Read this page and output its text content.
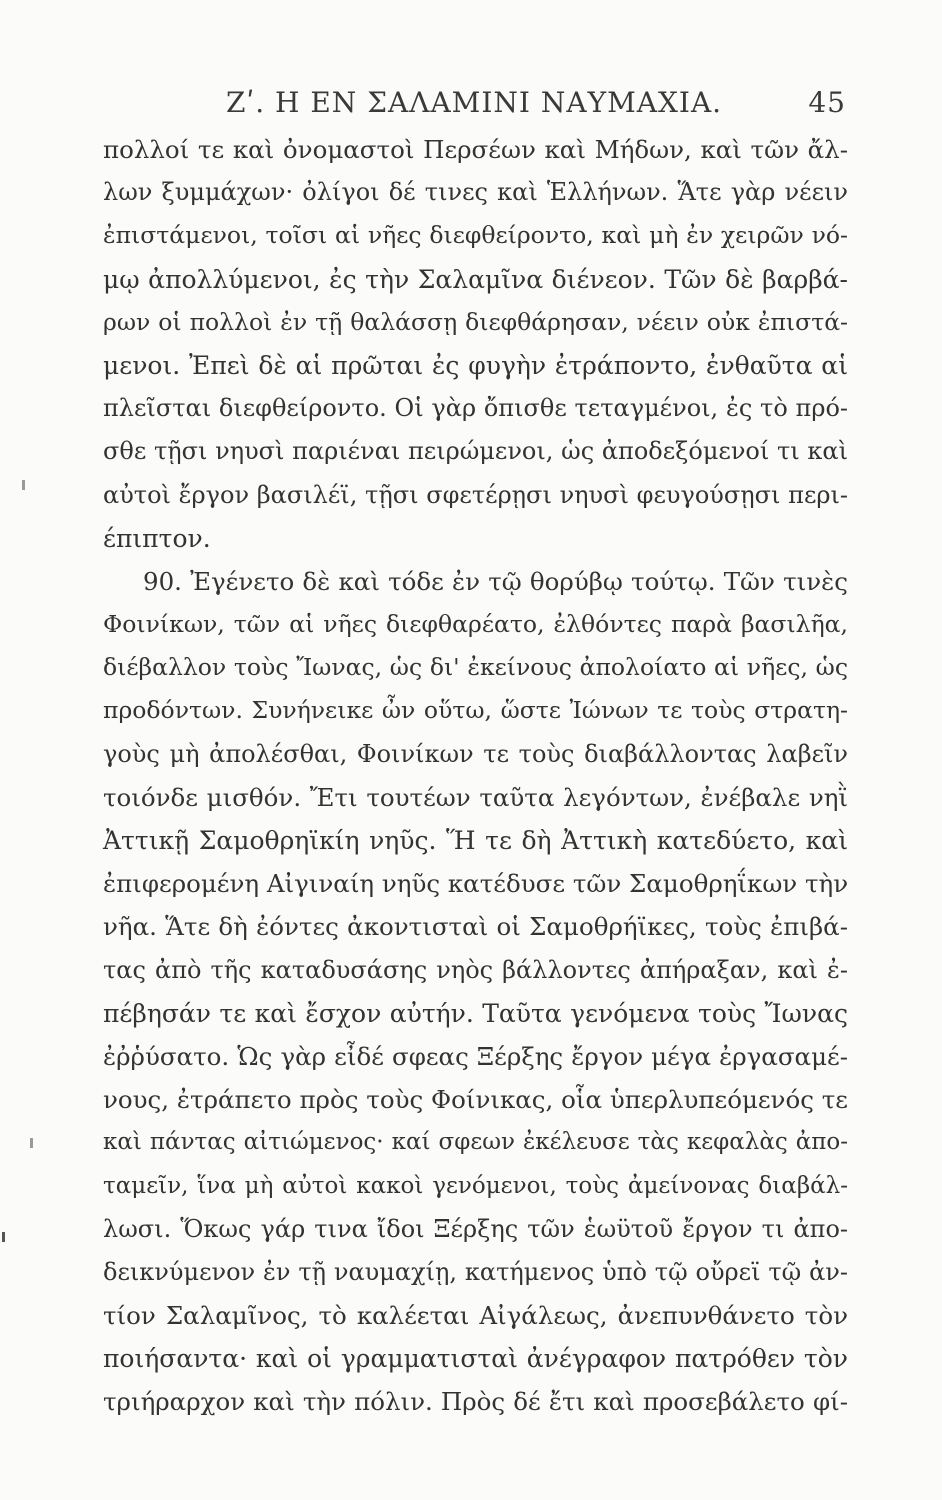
Ζʹ. Η ΕΝ ΣΑΛΑΜΙΝΙ ΝΑΥΜΑΧΙΑ.	45
πολλοί τε καὶ ὀνομαστοὶ Περσέων καὶ Μήδων, καὶ τῶν ἄλ-
λων ξυμμάχων· ὀλίγοι δέ τινες καὶ Ἑλλήνων. Ἅτε γὰρ νέειν
ἐπιστάμενοι, τοῖσι αἱ νῆες διεφθείροντο, καὶ μὴ ἐν χειρῶν νό-
μῳ ἀπολλύμενοι, ἐς τὴν Σαλαμῖνα διένεον. Τῶν δὲ βαρβά-
ρων οἱ πολλοὶ ἐν τῇ θαλάσσῃ διεφθάρησαν, νέειν οὐκ ἐπιστά-
μενοι. Ἐπεὶ δὲ αἱ πρῶται ἐς φυγὴν ἐτράποντο, ἐνθαῦτα αἱ
πλεῖσται διεφθείροντο. Οἱ γὰρ ὄπισθε τεταγμένοι, ἐς τὸ πρό-
σθε τῇσι νηυσὶ παριέναι πειρώμενοι, ὡς ἀποδεξόμενοί τι καὶ
αὐτοὶ ἔργον βασιλέϊ, τῇσι σφετέρῃσι νηυσὶ φευγούσῃσι περι-
έπιπτον.
90. Ἐγένετο δὲ καὶ τόδε ἐν τῷ θορύβῳ τούτῳ. Τῶν τινὲς
Φοινίκων, τῶν αἱ νῆες διεφθαρέατο, ἐλθόντες παρὰ βασιλῆα,
διέβαλλον τοὺς Ἴωνας, ὡς δι' ἐκείνους ἀπολοίατο αἱ νῆες, ὡς
προδόντων. Συνήνεικε ὦν οὕτω, ὥστε Ἰώνων τε τοὺς στρατη-
γοὺς μὴ ἀπολέσθαι, Φοινίκων τε τοὺς διαβάλλοντας λαβεῖν
τοιόνδε μισθόν. Ἔτι τουτέων ταῦτα λεγόντων, ἐνέβαλε νηῒ
Ἀττικῇ Σαμοθρηϊκίη νηῦς. Ἥ τε δὴ Ἀττικὴ κατεδύετο, καὶ
ἐπιφερομένη Αἰγιναίη νηῦς κατέδυσε τῶν Σαμοθρηΐκων τὴν
νῆα. Ἅτε δὴ ἐόντες ἀκοντισταὶ οἱ Σαμοθρήϊκες, τοὺς ἐπιβά-
τας ἀπὸ τῆς καταδυσάσης νηὸς βάλλοντες ἀπήραξαν, καὶ ἐ-
πέβησάν τε καὶ ἔσχον αὐτήν. Ταῦτα γενόμενα τοὺς Ἴωνας
ἐῤῥύσατο. Ὡς γὰρ εἶδέ σφεας Ξέρξης ἔργον μέγα ἐργασαμέ-
νους, ἐτράπετο πρὸς τοὺς Φοίνικας, οἷα ὑπερλυπεόμενός τε
καὶ πάντας αἰτιώμενος· καί σφεων ἐκέλευσε τὰς κεφαλὰς ἀπο-
ταμεῖν, ἵνα μὴ αὐτοὶ κακοὶ γενόμενοι, τοὺς ἀμείνονας διαβάλ-
λωσι. Ὅκως γάρ τινα ἴδοι Ξέρξης τῶν ἑωϋτοῦ ἔργον τι ἀπο-
δεικνύμενον ἐν τῇ ναυμαχίῃ, κατήμενος ὑπὸ τῷ οὔρεϊ τῷ ἀν-
τίον Σαλαμῖνος, τὸ καλέεται Αἰγάλεως, ἀνεπυνθάνετο τὸν
ποιήσαντα· καὶ οἱ γραμματισταὶ ἀνέγραφον πατρόθεν τὸν
τριήραρχον καὶ τὴν πόλιν. Πρὸς δέ ἔτι καὶ προσεβάλετο φί-
